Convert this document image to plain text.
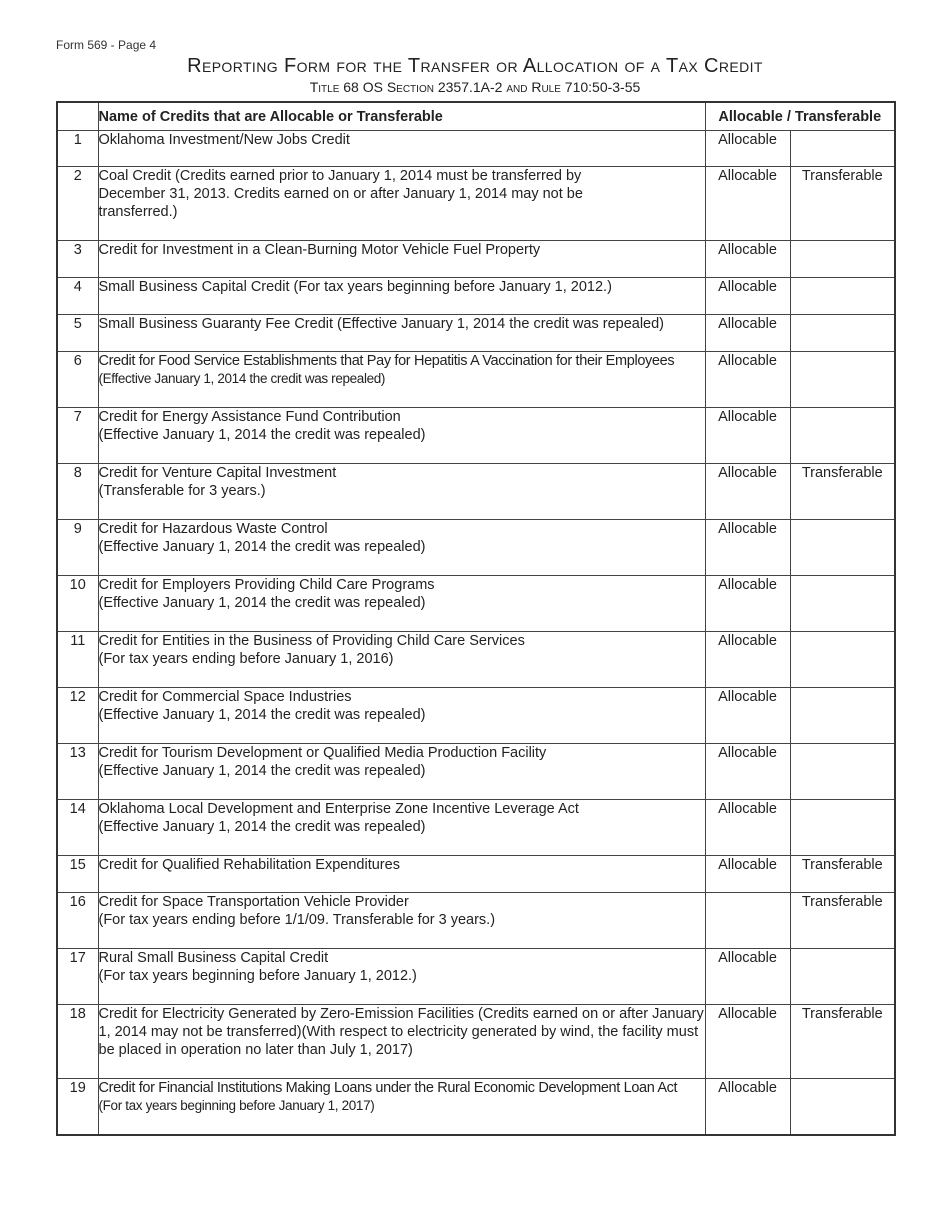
Form 569 - Page 4
Reporting Form for the Transfer or Allocation of a Tax Credit
Title 68 OS Section 2357.1A-2 and Rule 710:50-3-55
	Name of Credits that are Allocable or Transferable	Allocable / Transferable	
1	Oklahoma Investment/New Jobs Credit	Allocable	
2	Coal Credit (Credits earned prior to January 1, 2014 must be transferred by December 31, 2013. Credits earned on or after January 1, 2014 may not be transferred.)	Allocable	Transferable
3	Credit for Investment in a Clean-Burning Motor Vehicle Fuel Property	Allocable	
4	Small Business Capital Credit (For tax years beginning before January 1, 2012.)	Allocable	
5	Small Business Guaranty Fee Credit (Effective January 1, 2014 the credit was repealed)	Allocable	
6	Credit for Food Service Establishments that Pay for Hepatitis A Vaccination for their Employees
(Effective January 1, 2014 the credit was repealed)	Allocable	
7	Credit for Energy Assistance Fund Contribution
(Effective January 1, 2014 the credit was repealed)	Allocable	
8	Credit for Venture Capital Investment
(Transferable for 3 years.)	Allocable	Transferable
9	Credit for Hazardous Waste Control
(Effective January 1, 2014 the credit was repealed)	Allocable	
10	Credit for Employers Providing Child Care Programs
(Effective January 1, 2014 the credit was repealed)	Allocable	
11	Credit for Entities in the Business of Providing Child Care Services
(For tax years ending before January 1, 2016)	Allocable	
12	Credit for Commercial Space Industries
(Effective January 1, 2014 the credit was repealed)	Allocable	
13	Credit for Tourism Development or Qualified Media Production Facility
(Effective January 1, 2014 the credit was repealed)	Allocable	
14	Oklahoma Local Development and Enterprise Zone Incentive Leverage Act
(Effective January 1, 2014 the credit was repealed)	Allocable	
15	Credit for Qualified Rehabilitation Expenditures	Allocable	Transferable
16	Credit for Space Transportation Vehicle Provider
(For tax years ending before 1/1/09. Transferable for 3 years.)		Transferable
17	Rural Small Business Capital Credit
(For tax years beginning before January 1, 2012.)	Allocable	
18	Credit for Electricity Generated by Zero-Emission Facilities (Credits earned on or after January 1, 2014 may not be transferred)(With respect to electricity generated by wind, the facility must be placed in operation no later than July 1, 2017)	Allocable	Transferable
19	Credit for Financial Institutions Making Loans under the Rural Economic Development Loan Act
(For tax years beginning before January 1, 2017)	Allocable	
